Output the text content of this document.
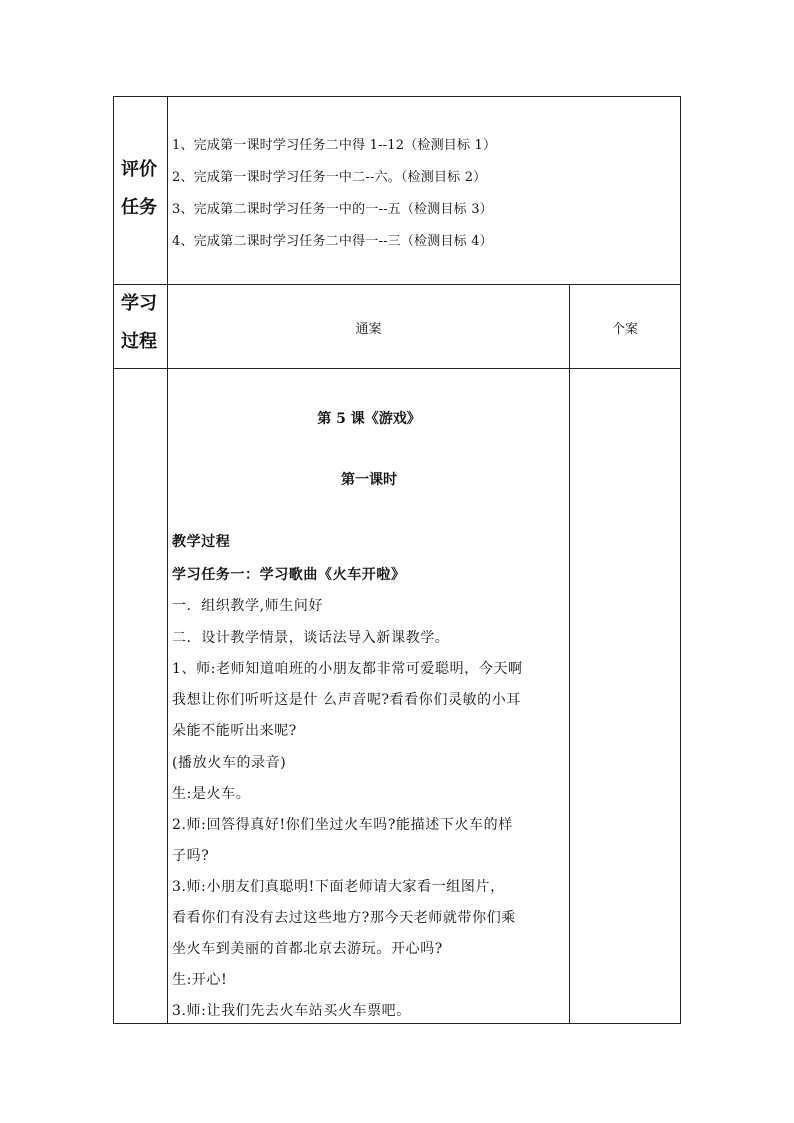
评价
任务
1、完成第一课时学习任务二中得 1--12（检测目标 1）
2、完成第一课时学习任务一中二--六。（检测目标 2）
3、完成第二课时学习任务一中的一--五（检测目标 3）
4、完成第二课时学习任务二中得一--三（检测目标 4）
学习
过程
通案	个案
第 5 课《游戏》
第一课时
教学过程
学习任务一：学习歌曲《火车开啦》
一．组织教学,师生问好
二．设计教学情景，谈话法导入新课教学。
1、师:老师知道咱班的小朋友都非常可爱聪明，今天啊
我想让你们听听这是什 么声音呢?看看你们灵敏的小耳
朵能不能听出来呢?
(播放火车的录音)
生:是火车。
2.师:回答得真好!你们坐过火车吗?能描述下火车的样
子吗?
3.师:小朋友们真聪明!下面老师请大家看一组图片，
看看你们有没有去过这些地方?那今天老师就带你们乘
坐火车到美丽的首都北京去游玩。开心吗?
生:开心!
3.师:让我们先去火车站买火车票吧。
